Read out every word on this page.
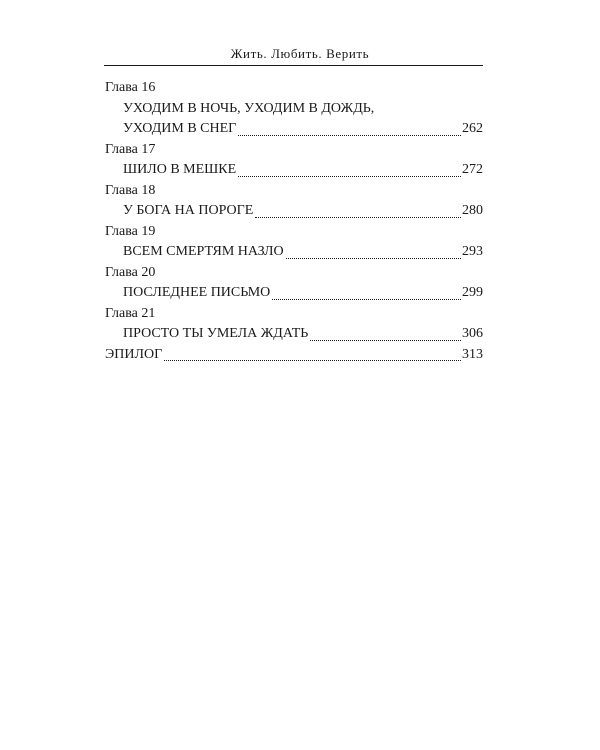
Жить. Любить. Верить
Глава 16
УХОДИМ В НОЧЬ, УХОДИМ В ДОЖДЬ,
УХОДИМ В СНЕГ	262
Глава 17
ШИЛО В МЕШКЕ	272
Глава 18
У БОГА НА ПОРОГЕ	280
Глава 19
ВСЕМ СМЕРТЯМ НАЗЛО	293
Глава 20
ПОСЛЕДНЕЕ ПИСЬМО	299
Глава 21
ПРОСТО ТЫ УМЕЛА ЖДАТЬ	306
ЭПИЛОГ	313
